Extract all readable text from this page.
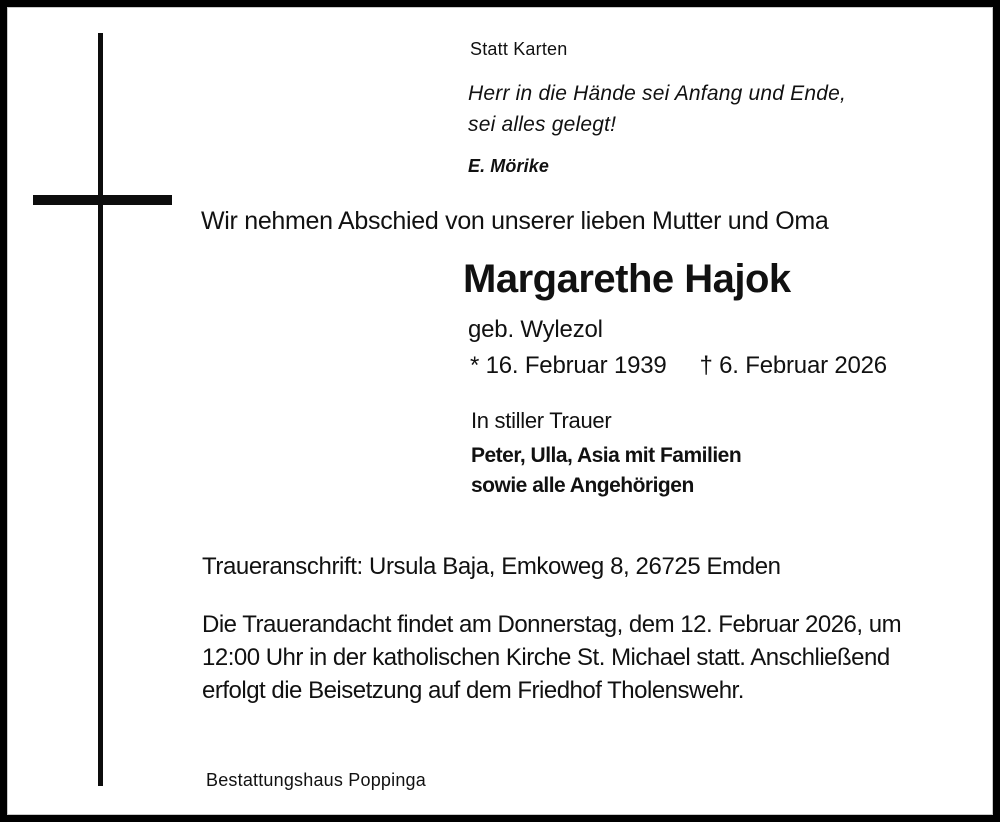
Statt Karten
Herr in die Hände sei Anfang und Ende,
sei alles gelegt!
E. Mörike
Wir nehmen Abschied von unserer lieben Mutter und Oma
Margarethe Hajok
geb. Wylezol
* 16. Februar 1939 † 6. Februar 2026
In stiller Trauer
Peter, Ulla, Asia mit Familien
sowie alle Angehörigen
Traueranschrift: Ursula Baja, Emkoweg 8, 26725 Emden
Die Trauerandacht findet am Donnerstag, dem 12. Februar 2026, um
12:00 Uhr in der katholischen Kirche St. Michael statt. Anschließend
erfolgt die Beisetzung auf dem Friedhof Tholenswehr.
Bestattungshaus Poppinga
